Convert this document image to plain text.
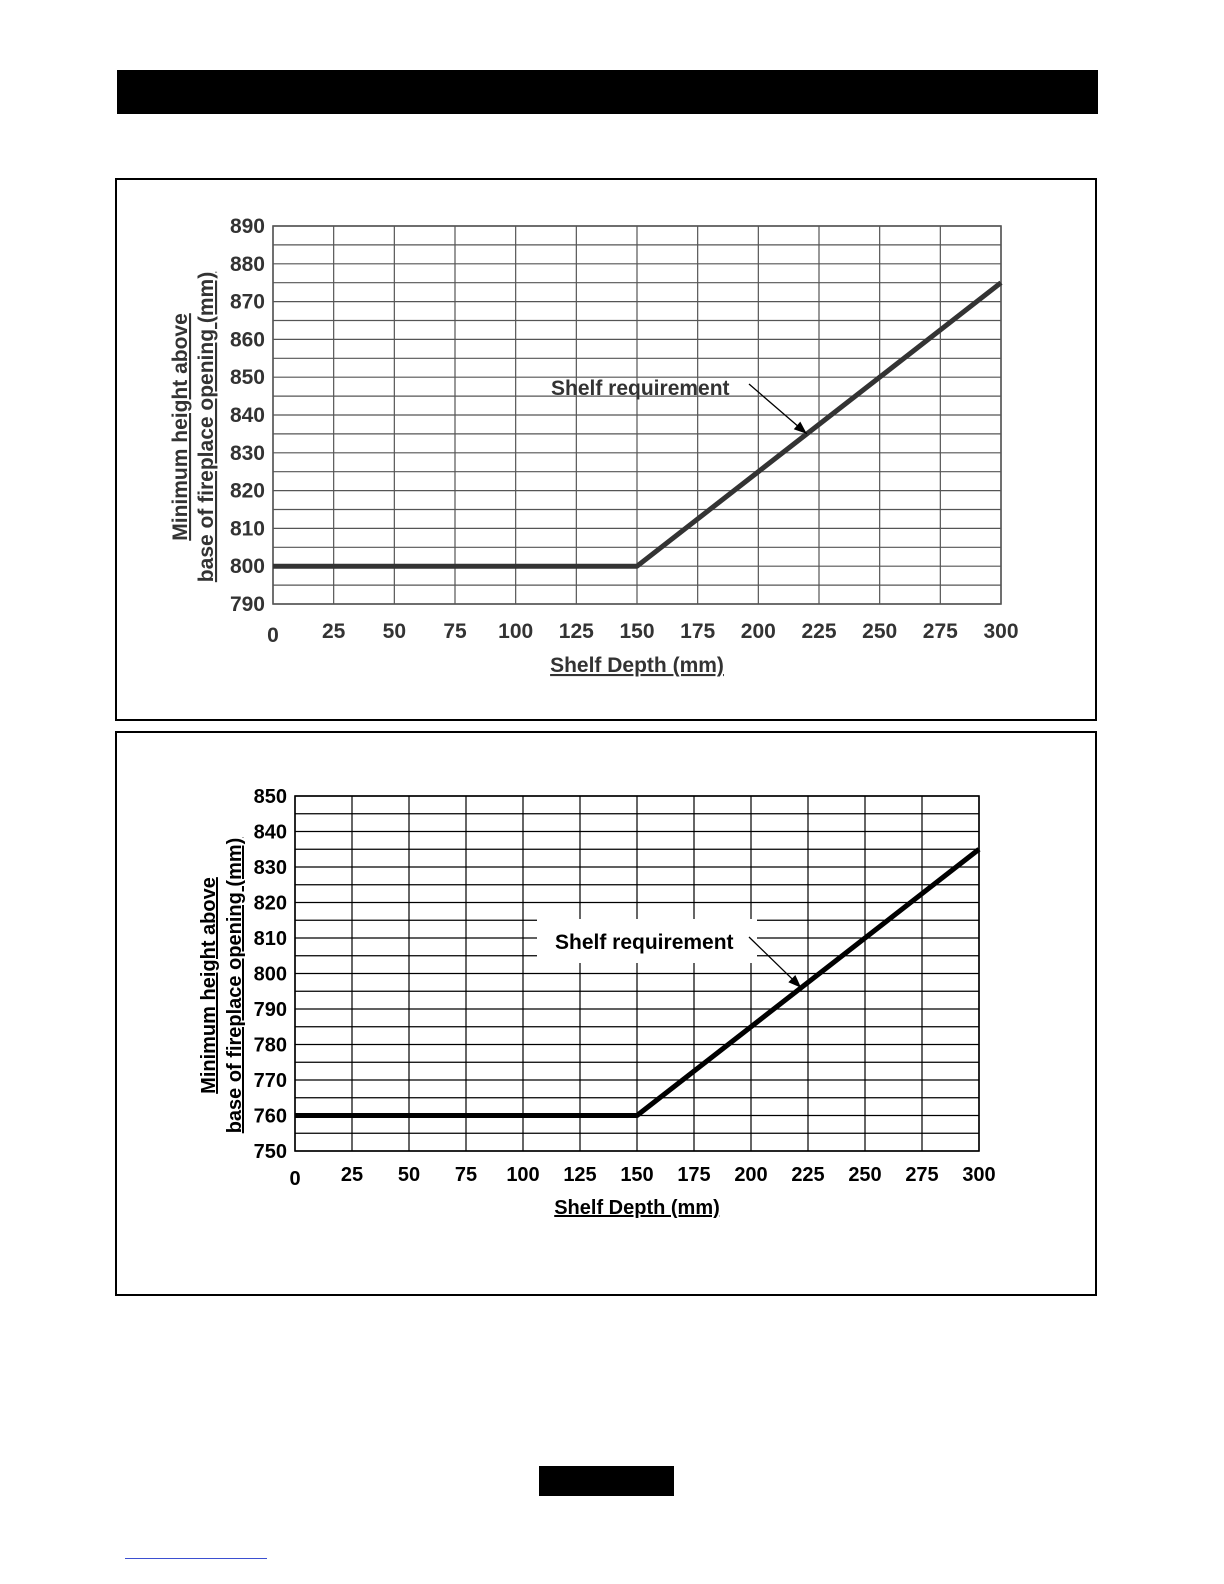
790
800
810
820
830
840
850
860
870
880
890
0 25 50 75 100 125 150 175 200 225 250 275 300
Shelf Depth (mm)
Minimum height above base of fireplace opening (mm)	Shelf requirement
750
760
770
780
790
800
810
820
830
840
850
0 25 50 75 100 125 150 175 200 225 250 275 300
Shelf Depth (mm)
Minimum height above base of fireplace opening (mm)	Shelf requirement
